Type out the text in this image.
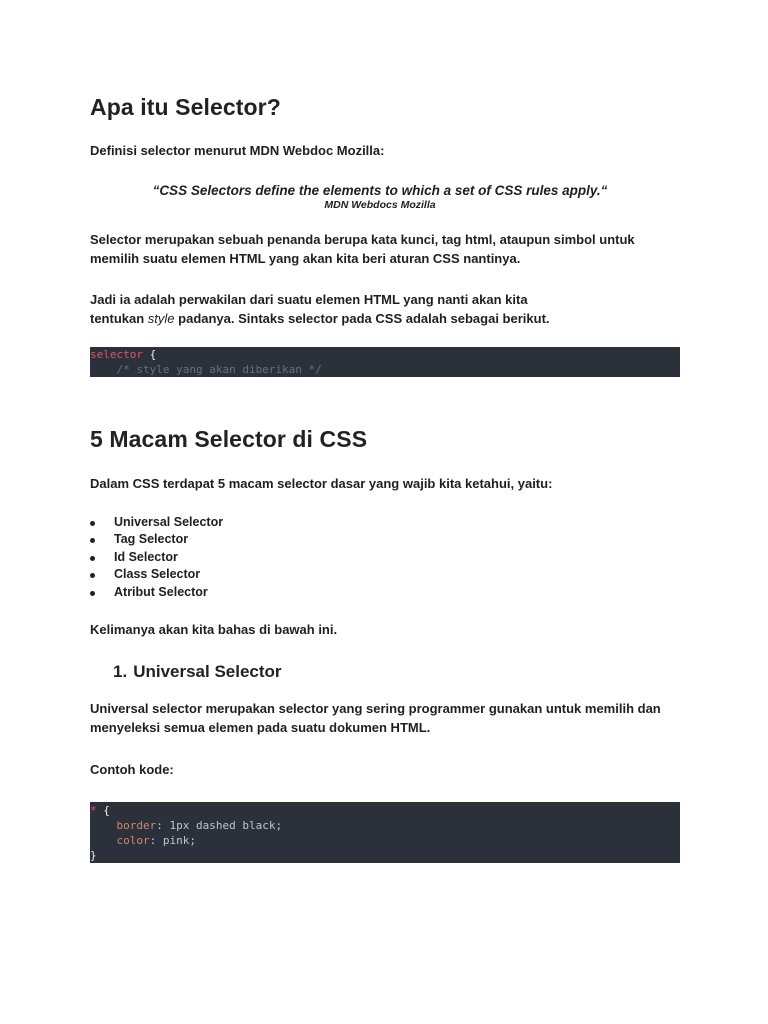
Apa itu Selector?

Definisi selector menurut MDN Webdoc Mozilla:

“CSS Selectors define the elements to which a set of CSS rules apply.“
MDN Webdocs Mozilla

Selector merupakan sebuah penanda berupa kata kunci, tag html, ataupun simbol untuk memilih suatu elemen HTML yang akan kita beri aturan CSS nantinya.

Jadi ia adalah perwakilan dari suatu elemen HTML yang nanti akan kita
tentukan style padanya. Sintaks selector pada CSS adalah sebagai berikut.

selector {
/* style yang akan diberikan */
5 Macam Selector di CSS

Dalam CSS terdapat 5 macam selector dasar yang wajib kita ketahui, yaitu:

Universal Selector
Tag Selector
Id Selector
Class Selector
Atribut Selector

Kelimanya akan kita bahas di bawah ini.

1. Universal Selector

Universal selector merupakan selector yang sering programmer gunakan untuk memilih dan menyeleksi semua elemen pada suatu dokumen HTML.

Contoh kode:

* {
border: 1px dashed black;
color: pink;
}
